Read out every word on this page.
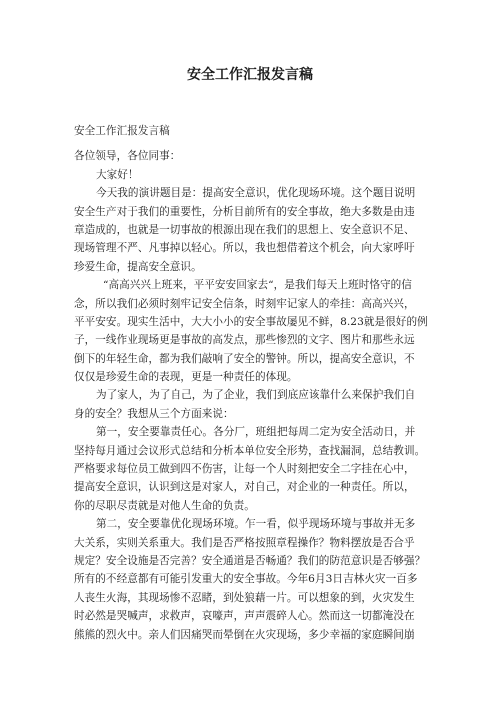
安全工作汇报发言稿
安全工作汇报发言稿
各位领导，各位同事：
大家好！
今天我的演讲题目是：提高安全意识，优化现场环境。这个题目说明
安全生产对于我们的重要性，分析目前所有的安全事故，绝大多数是由违
章造成的，也就是一切事故的根源出现在我们的思想上、安全意识不足、
现场管理不严、凡事掉以轻心。所以，我也想借着这个机会，向大家呼吁
珍爱生命，提高安全意识。
“高高兴兴上班来，平平安安回家去“，是我们每天上班时恪守的信
念，所以我们必须时刻牢记安全信条，时刻牢记家人的牵挂：高高兴兴，
平平安安。现实生活中，大大小小的安全事故屡见不鲜，8.23就是很好的例
子，一线作业现场更是事故的高发点，那些惨烈的文字、图片和那些永远
倒下的年轻生命，都为我们敲响了安全的警钟。所以，提高安全意识，不
仅仅是珍爱生命的表现，更是一种责任的体现。
为了家人，为了自己，为了企业，我们到底应该靠什么来保护我们自
身的安全？我想从三个方面来说：
第一，安全要靠责任心。各分厂，班组把每周二定为安全活动日，并
坚持每月通过会议形式总结和分析本单位安全形势，查找漏洞，总结教训。
严格要求每位员工做到四不伤害，让每一个人时刻把安全二字挂在心中，
提高安全意识，认识到这是对家人，对自己，对企业的一种责任。所以，
你的尽职尽责就是对他人生命的负责。
第二，安全要靠优化现场环境。乍一看，似乎现场环境与事故并无多
大关系，实则关系重大。我们是否严格按照章程操作？物料摆放是否合乎
规定？安全设施是否完善？安全通道是否畅通？我们的防范意识是否够强？
所有的不经意都有可能引发重大的安全事故。今年6月3日吉林火灾一百多
人丧生火海，其现场惨不忍睹，到处狼藉一片。可以想象的到，火灾发生
时必然是哭喊声，求救声，哀嚎声，声声震碎人心。然而这一切都淹没在
熊熊的烈火中。亲人们因痛哭而晕倒在火灾现场，多少幸福的家庭瞬间崩
